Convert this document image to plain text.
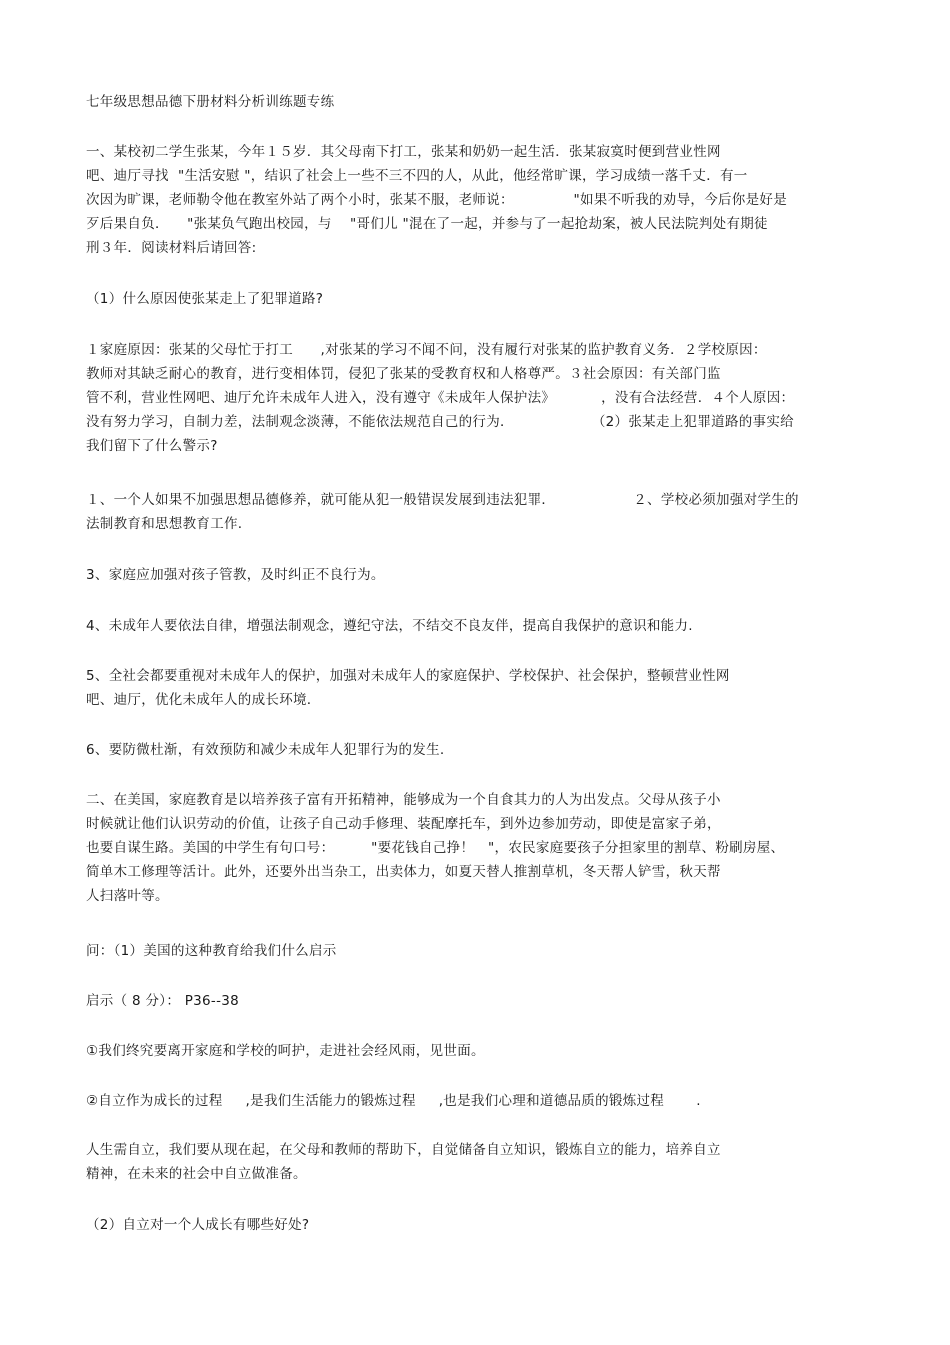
七年级思想品德下册材料分析训练题专练
一、某校初二学生张某，今年１５岁．其父母南下打工，张某和奶奶一起生活．张某寂寞时便到营业性网
吧、迪厅寻找  "生活安慰 "，结识了社会上一些不三不四的人，从此，他经常旷课，学习成绩一落千丈．有一
次因为旷课，老师勒令他在教室外站了两个小时，张某不服，老师说：             "如果不听我的劝导，今后你是好是
歹后果自负．    "张某负气跑出校园，与    "哥们儿 "混在了一起，并参与了一起抢劫案，被人民法院判处有期徒
刑３年．阅读材料后请回答:
（1）什么原因使张某走上了犯罪道路?
１家庭原因：张某的父母忙于打工      ,对张某的学习不闻不问，没有履行对张某的监护教育义务．２学校原因：
教师对其缺乏耐心的教育，进行变相体罚，侵犯了张某的受教育权和人格尊严。３社会原因：有关部门监
管不利，营业性网吧、迪厅允许未成年人进入，没有遵守《未成年人保护法》          ，没有合法经营．４个人原因：
没有努力学习，自制力差，法制观念淡薄，不能依法规范自己的行为．                 （2）张某走上犯罪道路的事实给
我们留下了什么警示?
１、一个人如果不加强思想品德修养，就可能从犯一般错误发展到违法犯罪．                 ２、学校必须加强对学生的
法制教育和思想教育工作.
3、家庭应加强对孩子管教，及时纠正不良行为。
4、未成年人要依法自律，增强法制观念，遵纪守法，不结交不良友伴，提高自我保护的意识和能力.
5、全社会都要重视对未成年人的保护，加强对未成年人的家庭保护、学校保护、社会保护，整顿营业性网
吧、迪厅，优化未成年人的成长环境.
6、要防微杜渐，有效预防和减少未成年人犯罪行为的发生.
二、在美国，家庭教育是以培养孩子富有开拓精神，能够成为一个自食其力的人为出发点。父母从孩子小
时候就让他们认识劳动的价值，让孩子自己动手修理、装配摩托车，到外边参加劳动，即使是富家子弟，
也要自谋生路。美国的中学生有句口号：        "要花钱自己挣！   "，农民家庭要孩子分担家里的割草、粉刷房屋、
简单木工修理等活计。此外，还要外出当杂工，出卖体力，如夏天替人推割草机，冬天帮人铲雪，秋天帮
人扫落叶等。
问：（1）美国的这种教育给我们什么启示
启示（ 8 分）： P36--38
①我们终究要离开家庭和学校的呵护，走进社会经风雨，见世面。
②自立作为成长的过程     ,是我们生活能力的锻炼过程     ,也是我们心理和道德品质的锻炼过程       .
人生需自立，我们要从现在起，在父母和教师的帮助下，自觉储备自立知识，锻炼自立的能力，培养自立
精神，在未来的社会中自立做准备。
（2）自立对一个人成长有哪些好处?
